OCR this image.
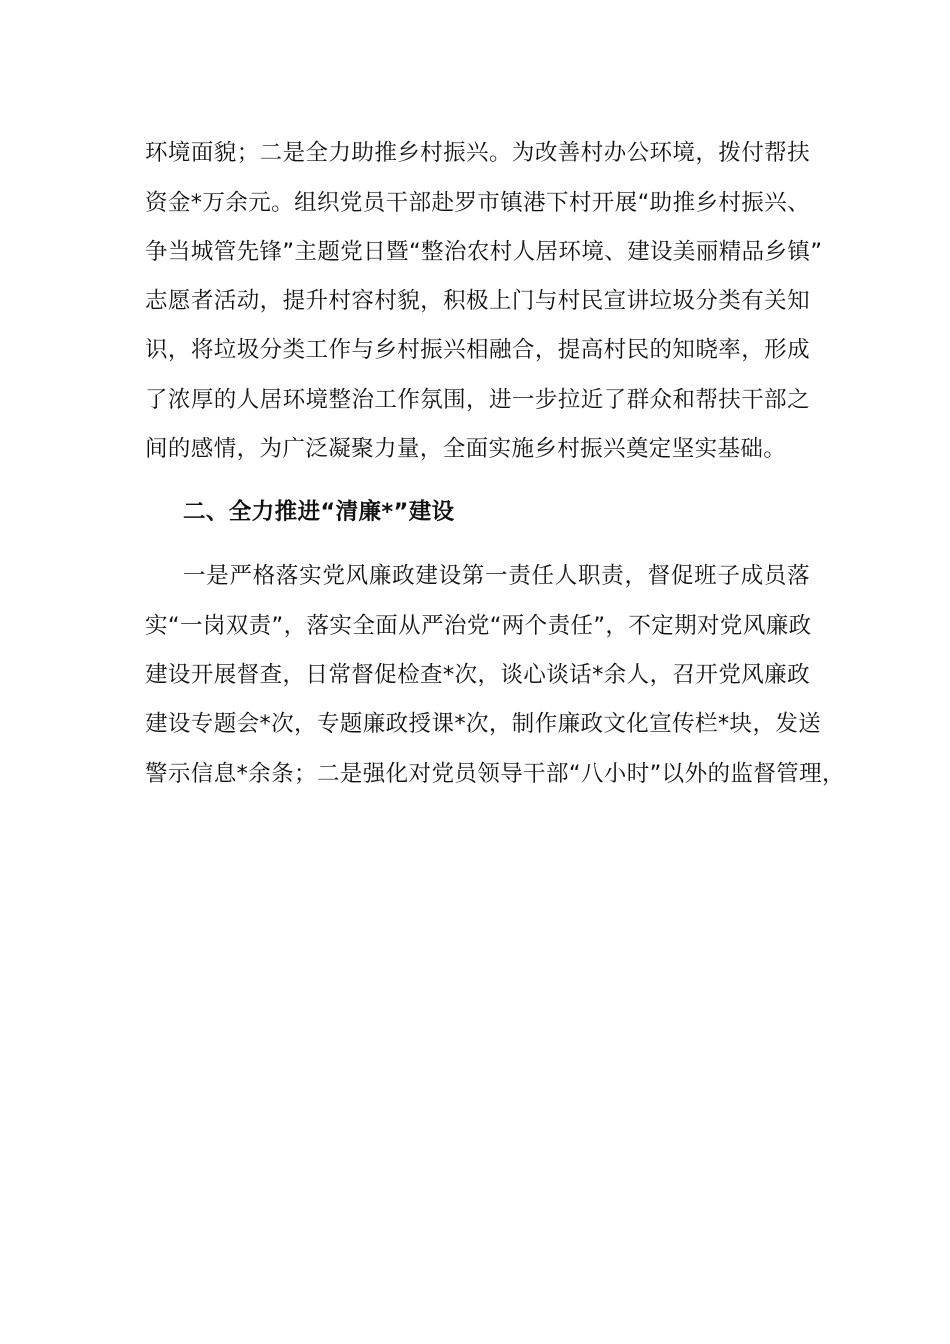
环境面貌；二是全力助推乡村振兴。为改善村办公环境，拨付帮扶
资金*万余元。组织党员干部赴罗市镇港下村开展“助推乡村振兴、
争当城管先锋”主题党日暨“整治农村人居环境、建设美丽精品乡镇”
志愿者活动，提升村容村貌，积极上门与村民宣讲垃圾分类有关知
识，将垃圾分类工作与乡村振兴相融合，提高村民的知晓率，形成
了浓厚的人居环境整治工作氛围，进一步拉近了群众和帮扶干部之
间的感情，为广泛凝聚力量，全面实施乡村振兴奠定坚实基础。
二、全力推进“清廉*”建设
一是严格落实党风廉政建设第一责任人职责，督促班子成员落
实“一岗双责”，落实全面从严治党“两个责任”，不定期对党风廉政
建设开展督查，日常督促检查*次，谈心谈话*余人，召开党风廉政
建设专题会*次，专题廉政授课*次，制作廉政文化宣传栏*块，发送
警示信息*余条；二是强化对党员领导干部“八小时”以外的监督管理，
